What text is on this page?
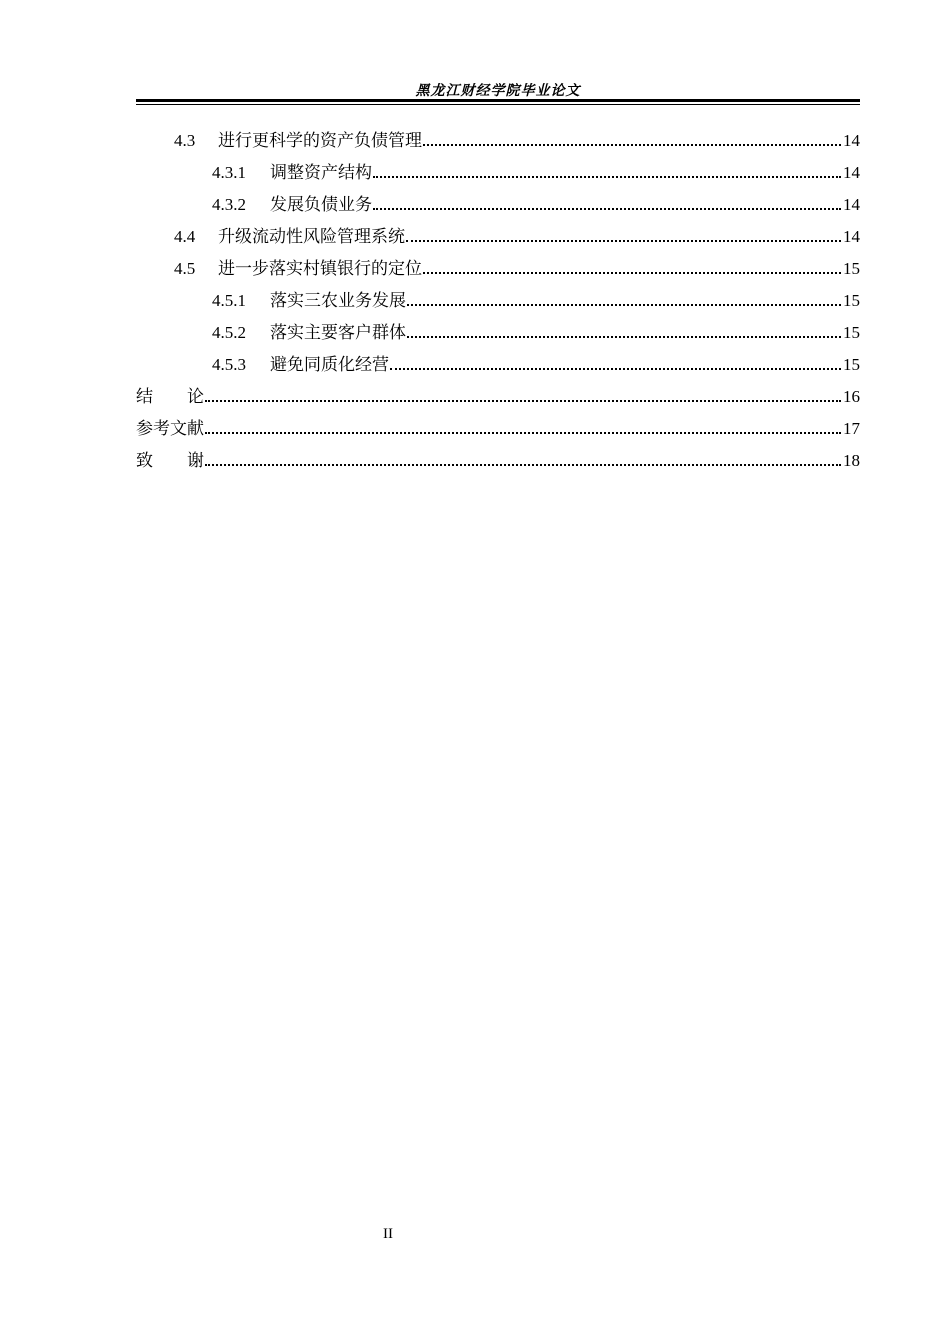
黑龙江财经学院毕业论文
4.3	进行更科学的资产负债管理	14
4.3.1	调整资产结构	14
4.3.2	发展负债业务	14
4.4	升级流动性风险管理系统	14
4.5	进一步落实村镇银行的定位	15
4.5.1	落实三农业务发展	15
4.5.2	落实主要客户群体	15
4.5.3	避免同质化经营	15
结　　论	16
参考文献	17
致　　谢	18
II
